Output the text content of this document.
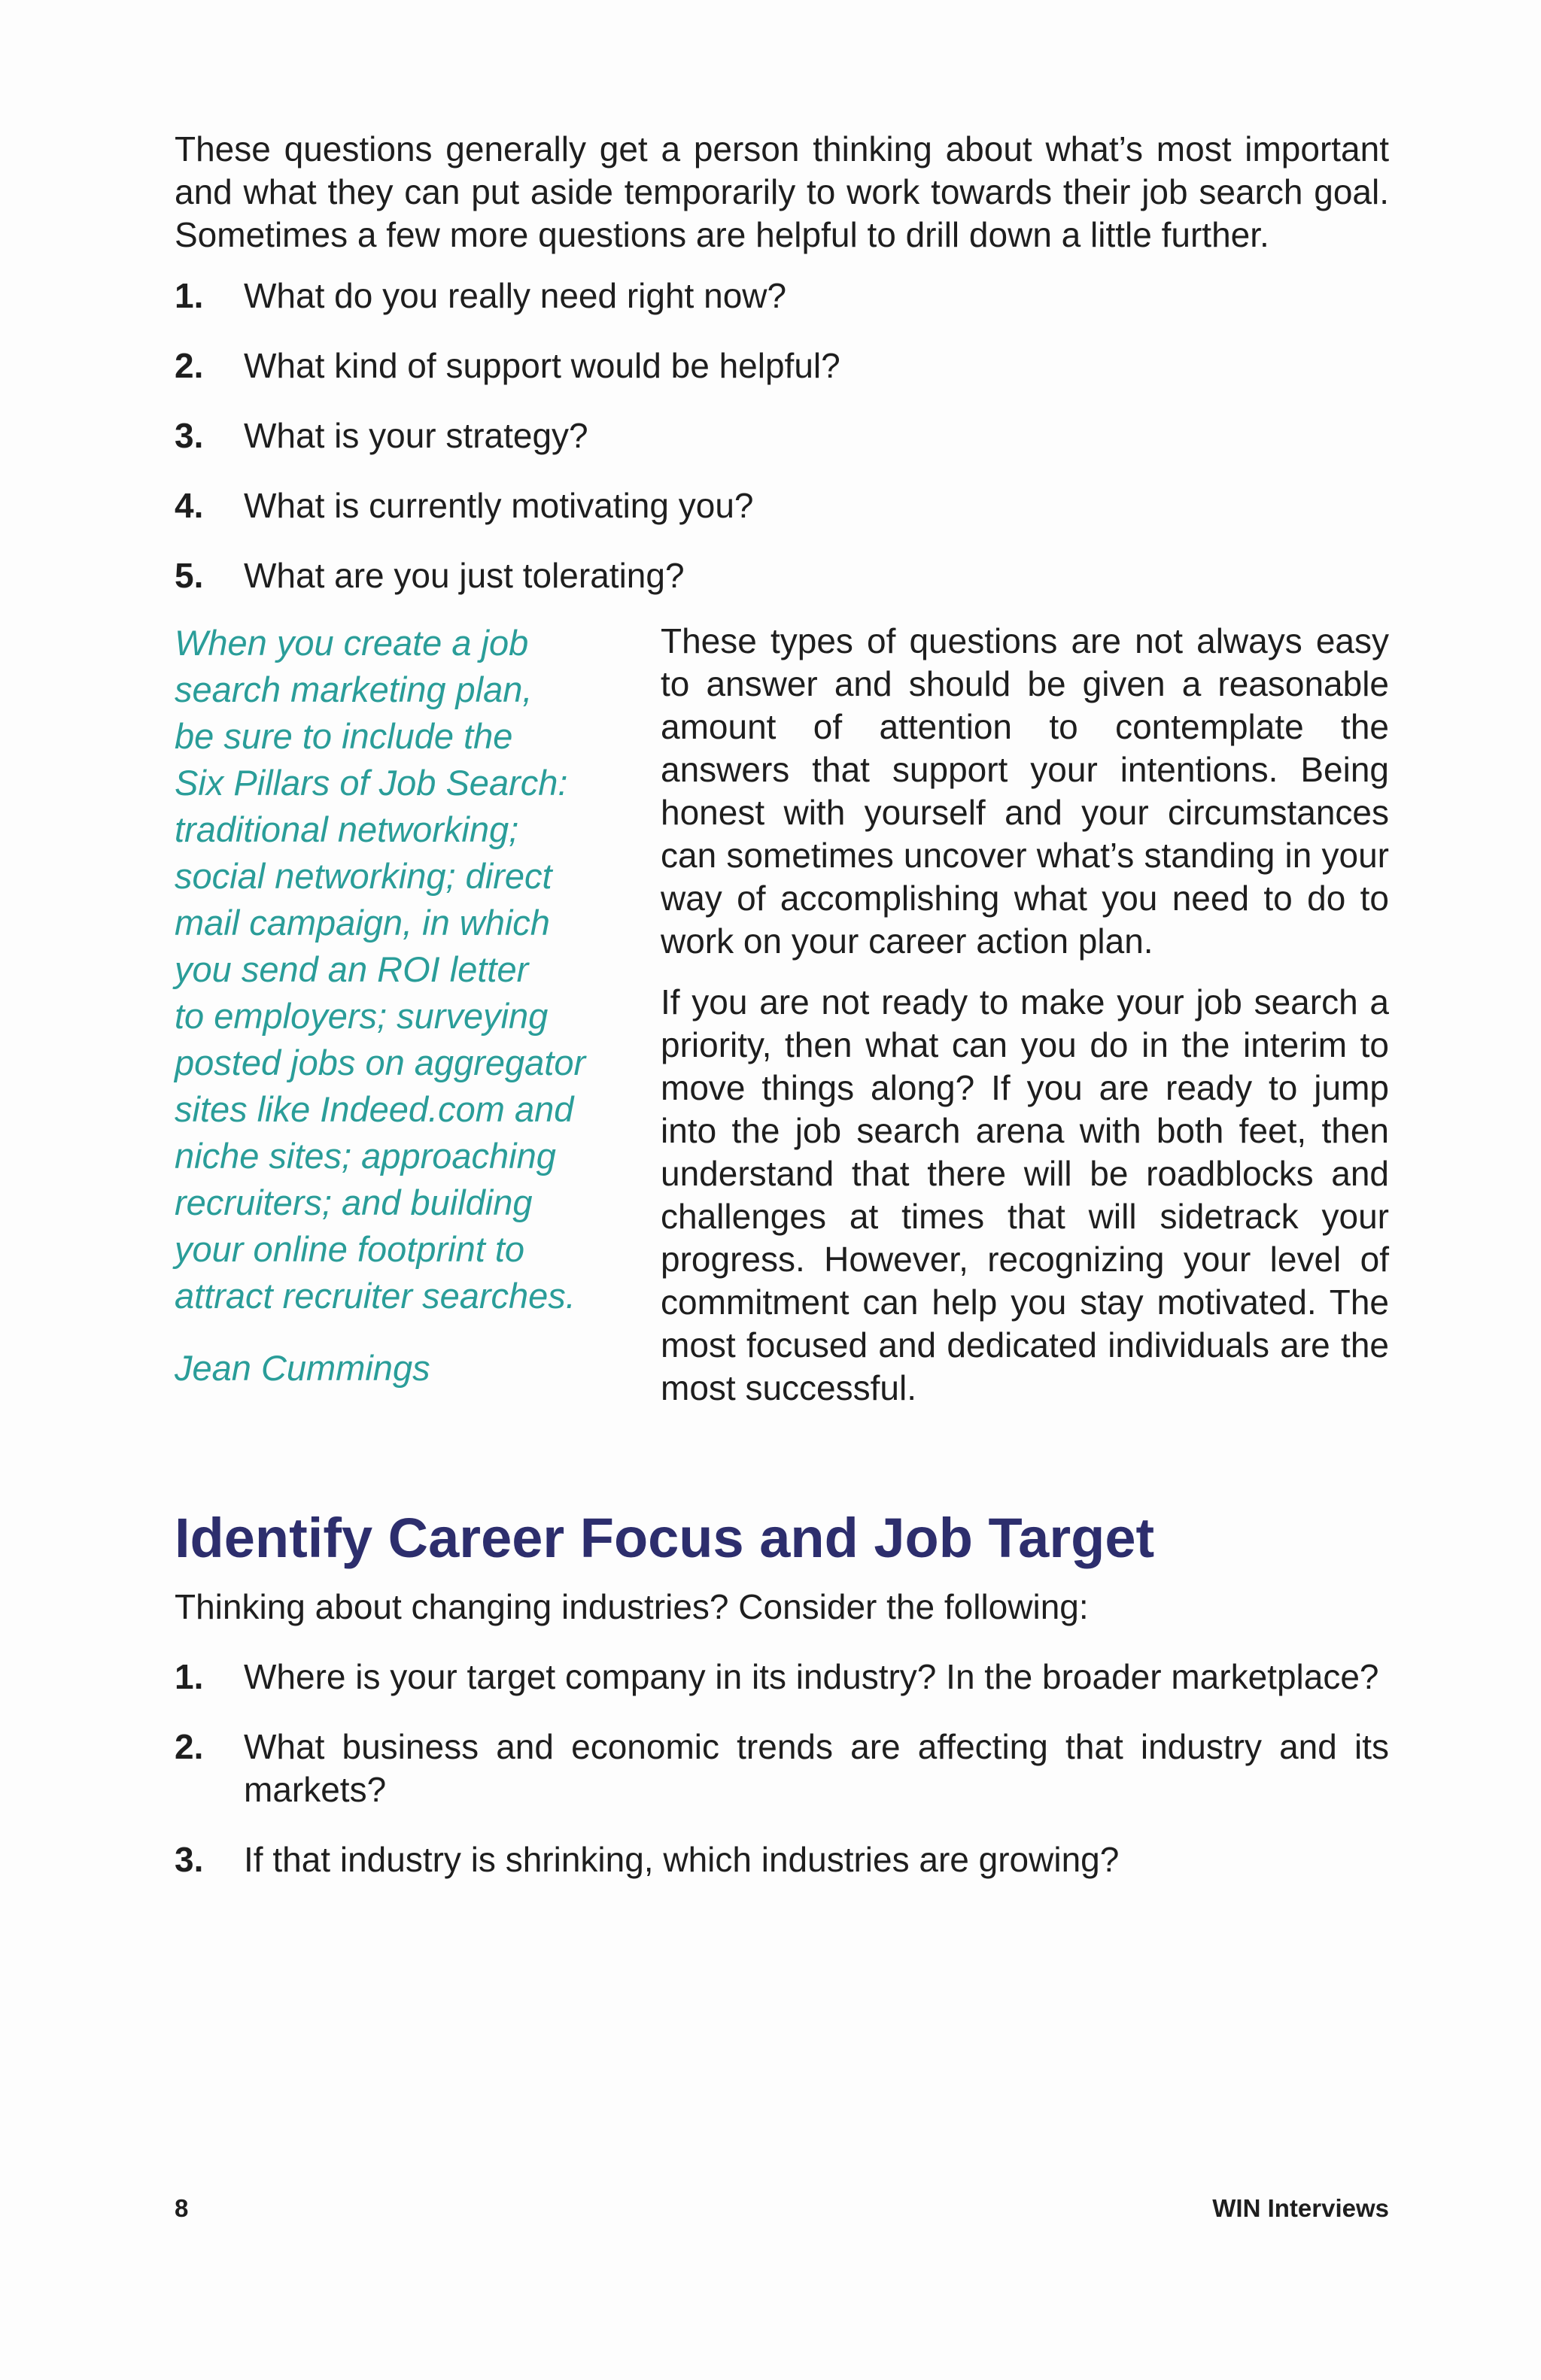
These questions generally get a person thinking about what’s most important and what they can put aside temporarily to work towards their job search goal. Sometimes a few more questions are helpful to drill down a little further.

1.	What do you really need right now?
2.	What kind of support would be helpful?
3.	What is your strategy?
4.	What is currently motivating you?
5.	What are you just tolerating?

When you create a job
search marketing plan,
be sure to include the
Six Pillars of Job Search:
traditional networking;
social networking; direct
mail campaign, in which
you send an ROI letter
to employers; surveying
posted jobs on aggregator
sites like Indeed.com and
niche sites; approaching
recruiters; and building
your online footprint to
attract recruiter searches.

Jean Cummings

These types of questions are not always easy to answer and should be given a reasonable amount of attention to contemplate the answers that support your intentions. Being honest with yourself and your circumstances can sometimes uncover what’s standing in your way of accomplishing what you need to do to work on your career action plan.

If you are not ready to make your job search a priority, then what can you do in the interim to move things along? If you are ready to jump into the job search arena with both feet, then understand that there will be roadblocks and challenges at times that will sidetrack your progress. However, recognizing your level of commitment can help you stay motivated. The most focused and dedicated individuals are the most successful.

Identify Career Focus and Job Target

Thinking about changing industries? Consider the following:

1.	Where is your target company in its industry? In the broader marketplace?
2.	What business and economic trends are affecting that industry and its markets?
3.	If that industry is shrinking, which industries are growing?
8	WIN Interviews
